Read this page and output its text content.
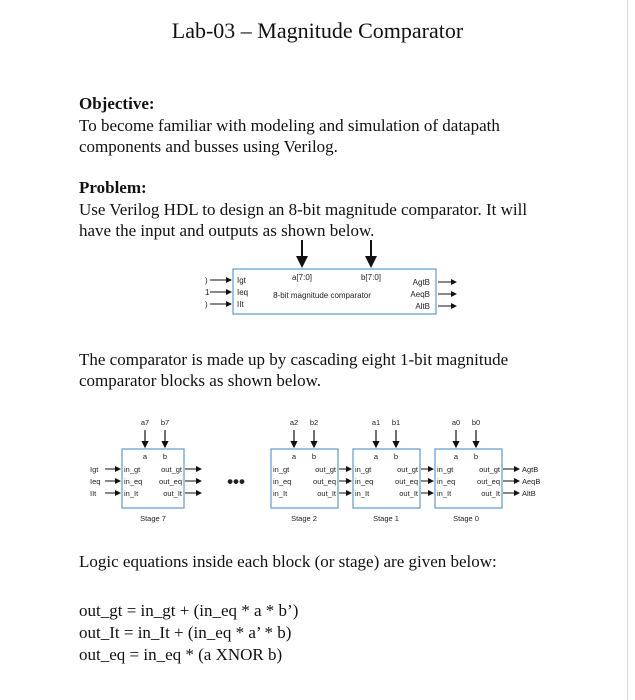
Lab-03 – Magnitude Comparator
Objective:
To become familiar with modeling and simulation of datapath
components and busses using Verilog.
Problem:
Use Verilog HDL to design an 8-bit magnitude comparator. It will
have the input and outputs as shown below.
)
1
)
Igt
Ieq
IIt
a[7:0]	b[7:0]
8-bit magnitude comparator
AgtB
AeqB
AltB
The comparator is made up by cascading eight 1-bit magnitude
comparator blocks as shown below.
a7 b7
a b
in_gt
in_eq
in_It
out_gt
out_eq
out_It
Stage 7
Igt
Ieq
IIt
•••
a2 b2
a b
in_gt
in_eq
in_It
out_gt
out_eq
out_It
Stage 2
a1 b1
a b
in_gt
in_eq
in_It
out_gt
out_eq
out_It
Stage 1
a0 b0
a b
in_gt
in_eq
in_It
out_gt
out_eq
out_It
Stage 0
AgtB
AeqB
AltB
Logic equations inside each block (or stage) are given below:
out_gt = in_gt + (in_eq * a * b’)
out_It = in_It + (in_eq * a’ * b)
out_eq = in_eq * (a XNOR b)
